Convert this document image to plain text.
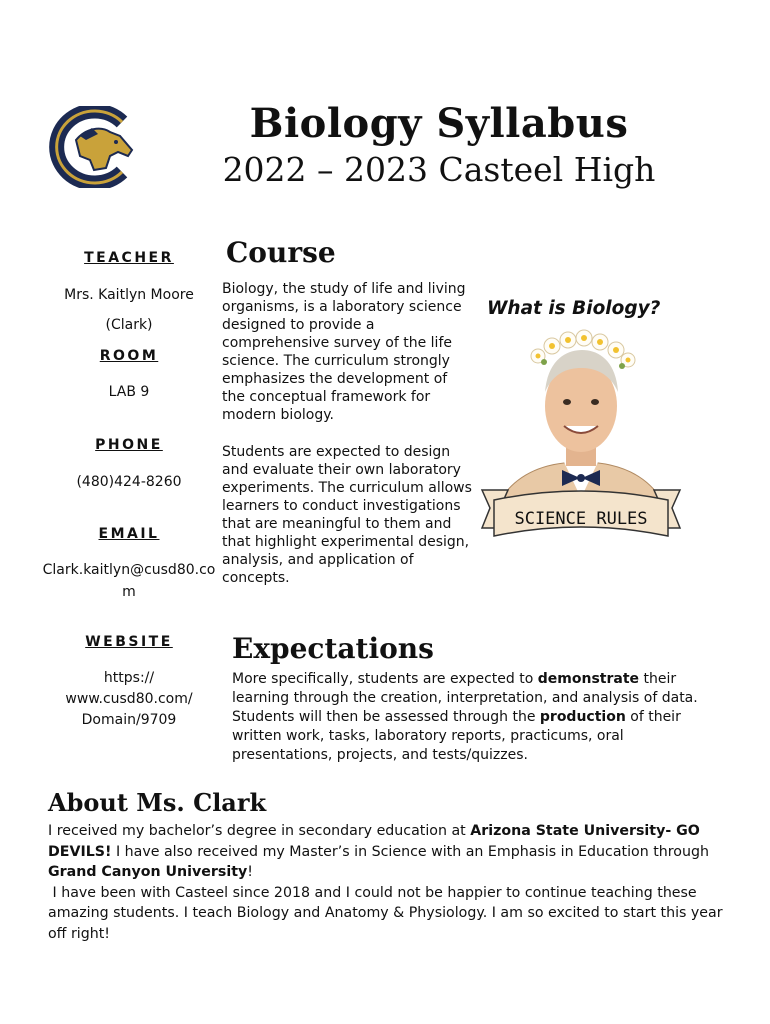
Biology Syllabus
2022 – 2023 Casteel High
TEACHER
Mrs. Kaitlyn Moore
(Clark)
ROOM
LAB 9
PHONE
(480)424-8260
EMAIL
Clark.kaitlyn@cusd80.co
m
WEBSITE
https://
www.cusd80.com/
Domain/9709
Course
Biology, the study of life and living organisms, is a laboratory science designed to provide a comprehensive survey of the life science. The curriculum strongly emphasizes the development of the conceptual framework for modern biology.
Students are expected to design and evaluate their own laboratory experiments. The curriculum allows learners to conduct investigations that are meaningful to them and that highlight experimental design, analysis, and application of concepts.
What is Biology?
SCIENCE RULES
Expectations
More specifically, students are expected to demonstrate their learning through the creation, interpretation, and analysis of data.
Students will then be assessed through the production of their written work, tasks, laboratory reports, practicums, oral presentations, projects, and tests/quizzes.
About Ms. Clark
I received my bachelor’s degree in secondary education at Arizona State University- GO DEVILS! I have also received my Master’s in Science with an Emphasis in Education through Grand Canyon University!
I have been with Casteel since 2018 and I could not be happier to continue teaching these amazing students. I teach Biology and Anatomy & Physiology. I am so excited to start this year off right!
